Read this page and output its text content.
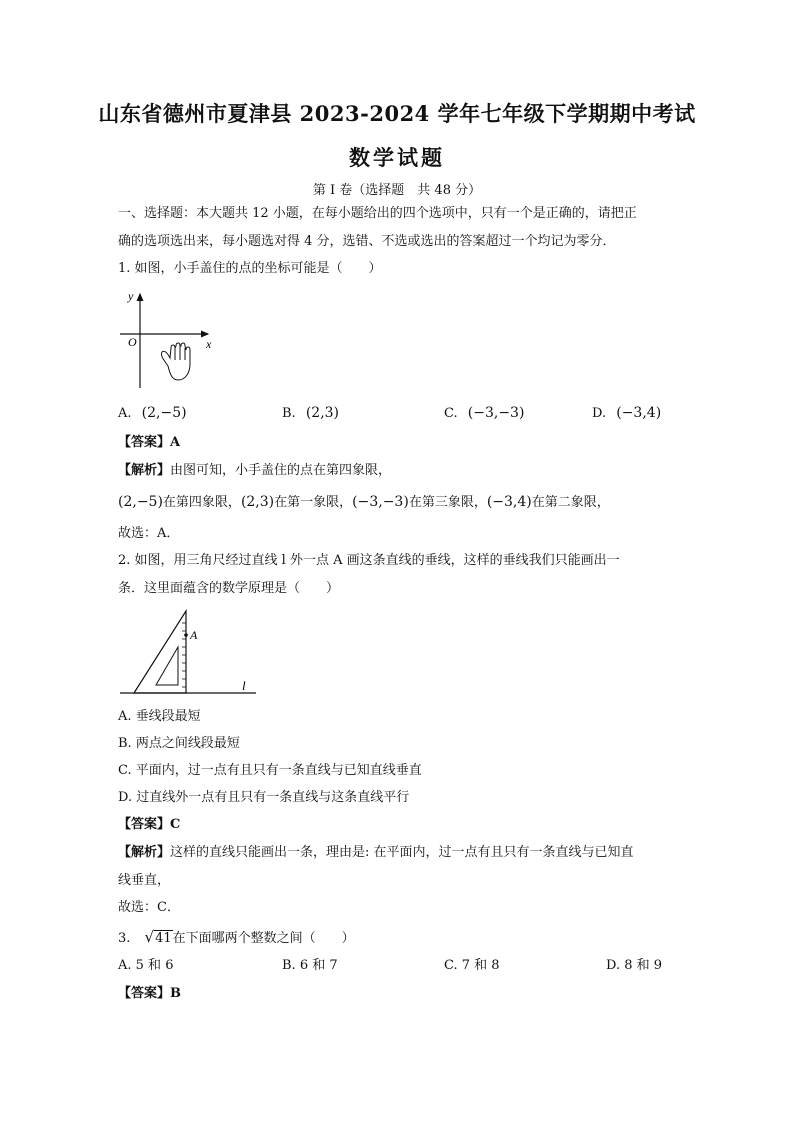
山东省德州市夏津县 2023-2024 学年七年级下学期期中考试
数学试题
第 I 卷（选择题　共 48 分）
一、选择题：本大题共 12 小题，在每小题给出的四个选项中，只有一个是正确的，请把正
确的选项选出来，每小题选对得 4 分，选错、不选或选出的答案超过一个均记为零分．
1. 如图，小手盖住的点的坐标可能是（　　）
y
x
O
A. (2,−5)	B. (2,3)	C. (−3,−3)	D. (−3,4)
【答案】A
【解析】由图可知，小手盖住的点在第四象限，
(2,−5)在第四象限，(2,3)在第一象限，(−3,−3)在第三象限，(−3,4)在第二象限，
故选：A．
2. 如图，用三角尺经过直线 l 外一点 A 画这条直线的垂线，这样的垂线我们只能画出一
条．这里面蕴含的数学原理是（　　）
A
l
A. 垂线段最短
B. 两点之间线段最短
C. 平面内，过一点有且只有一条直线与已知直线垂直
D. 过直线外一点有且只有一条直线与这条直线平行
【答案】C
【解析】这样的直线只能画出一条，理由是: 在平面内，过一点有且只有一条直线与已知直
线垂直，
故选：C．
3. √41在下面哪两个整数之间（　　）
A. 5 和 6	B. 6 和 7	C. 7 和 8	D. 8 和 9
【答案】B
